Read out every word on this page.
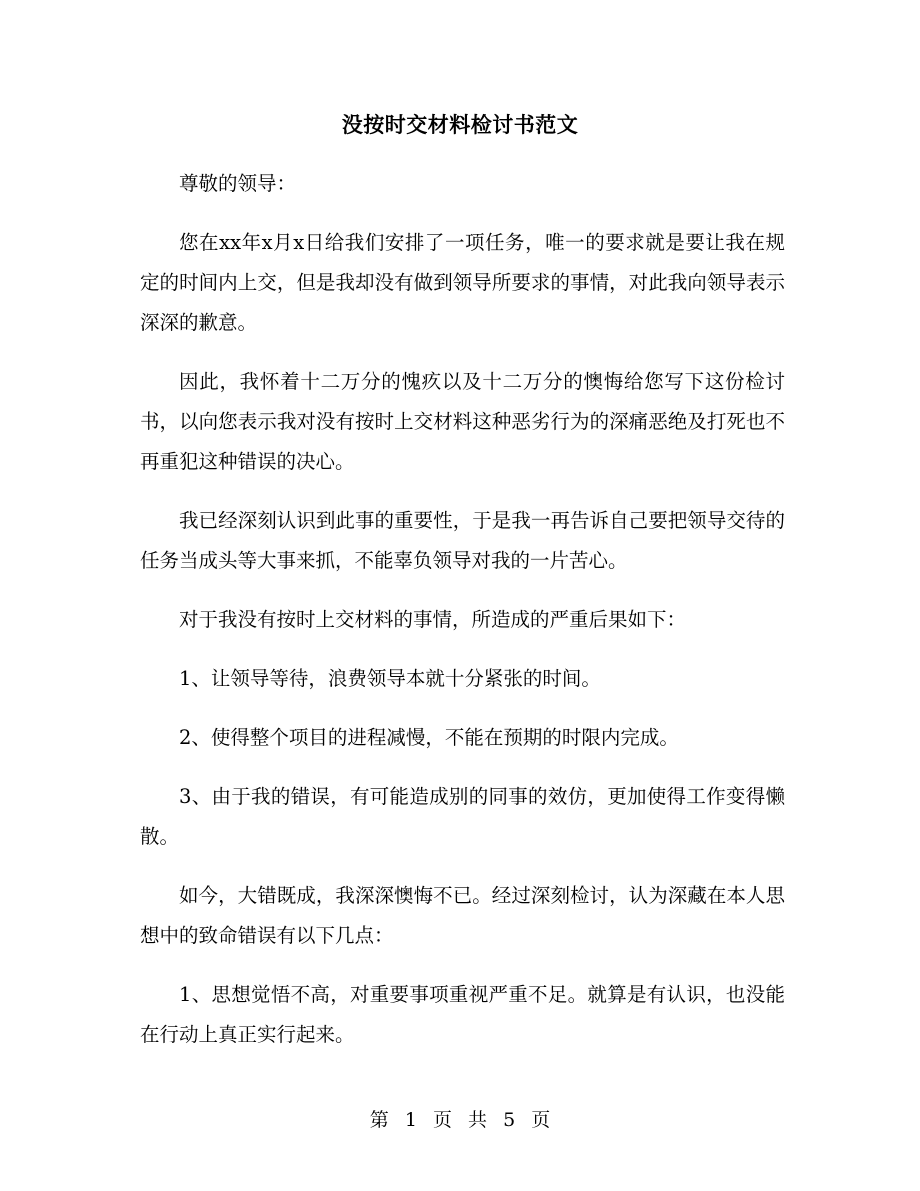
没按时交材料检讨书范文

尊敬的领导：

您在xx年x月x日给我们安排了一项任务，唯一的要求就是要让我在规定的时间内上交，但是我却没有做到领导所要求的事情，对此我向领导表示深深的歉意。

因此，我怀着十二万分的愧疚以及十二万分的懊悔给您写下这份检讨书，以向您表示我对没有按时上交材料这种恶劣行为的深痛恶绝及打死也不再重犯这种错误的决心。

我已经深刻认识到此事的重要性，于是我一再告诉自己要把领导交待的任务当成头等大事来抓，不能辜负领导对我的一片苦心。

对于我没有按时上交材料的事情，所造成的严重后果如下：

1、让领导等待，浪费领导本就十分紧张的时间。

2、使得整个项目的进程减慢，不能在预期的时限内完成。

3、由于我的错误，有可能造成别的同事的效仿，更加使得工作变得懒散。

如今，大错既成，我深深懊悔不已。经过深刻检讨，认为深藏在本人思想中的致命错误有以下几点：

1、思想觉悟不高，对重要事项重视严重不足。就算是有认识，也没能在行动上真正实行起来。

第 1 页 共 5 页
